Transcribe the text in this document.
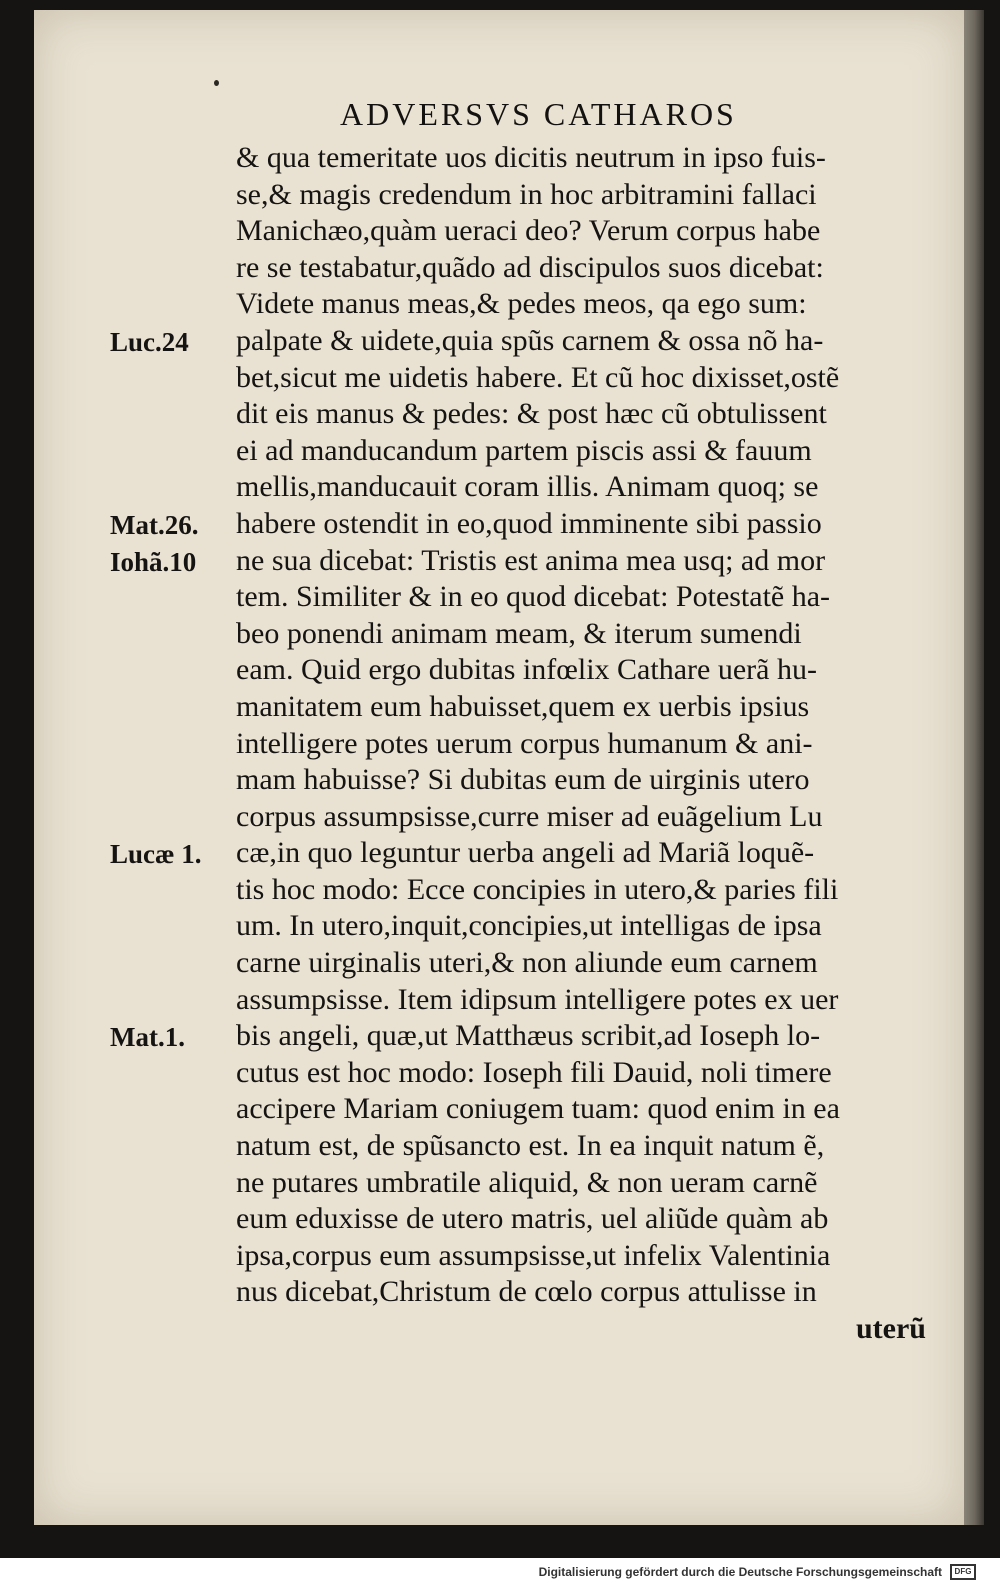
ADVERSVS CATHAROS
& qua temeritate uos dicitis neutrum in ipso fuis-
se,& magis credendum in hoc arbitramini fallaci
Manichæo,quàm ueraci deo? Verum corpus habe
re se testabatur,quãdo ad discipulos suos dicebat:
Videte manus meas,& pedes meos, qa ego sum:
palpate & uidete,quia spũs carnem & ossa nõ ha-
bet,sicut me uidetis habere. Et cũ hoc dixisset,ostẽ
dit eis manus & pedes: & post hæc cũ obtulissent
ei ad manducandum partem piscis assi & fauum
mellis,manducauit coram illis. Animam quoq; se
habere ostendit in eo,quod imminente sibi passio
ne sua dicebat: Tristis est anima mea usq; ad mor
tem. Similiter & in eo quod dicebat: Potestatẽ ha-
beo ponendi animam meam, & iterum sumendi
eam. Quid ergo dubitas infœlix Cathare uerã hu-
manitatem eum habuisset,quem ex uerbis ipsius
intelligere potes uerum corpus humanum & ani-
mam habuisse? Si dubitas eum de uirginis utero
corpus assumpsisse,curre miser ad euãgelium Lu
cæ,in quo leguntur uerba angeli ad Mariã loquẽ-
tis hoc modo: Ecce concipies in utero,& paries fili
um. In utero,inquit,concipies,ut intelligas de ipsa
carne uirginalis uteri,& non aliunde eum carnem
assumpsisse. Item idipsum intelligere potes ex uer
bis angeli, quæ,ut Matthæus scribit,ad Ioseph lo-
cutus est hoc modo: Ioseph fili Dauid, noli timere
accipere Mariam coniugem tuam: quod enim in ea
natum est, de spũsancto est. In ea inquit natum ẽ,
ne putares umbratile aliquid, & non ueram carnẽ
eum eduxisse de utero matris, uel aliũde quàm ab
ipsa,corpus eum assumpsisse,ut infelix Valentinia
nus dicebat,Christum de cœlo corpus attulisse in
uterũ
Luc.24
Mat.26.
Iohã.10
Lucæ 1.
Mat.1.
Digitalisierung gefördert durch die Deutsche Forschungsgemeinschaft	DFG
